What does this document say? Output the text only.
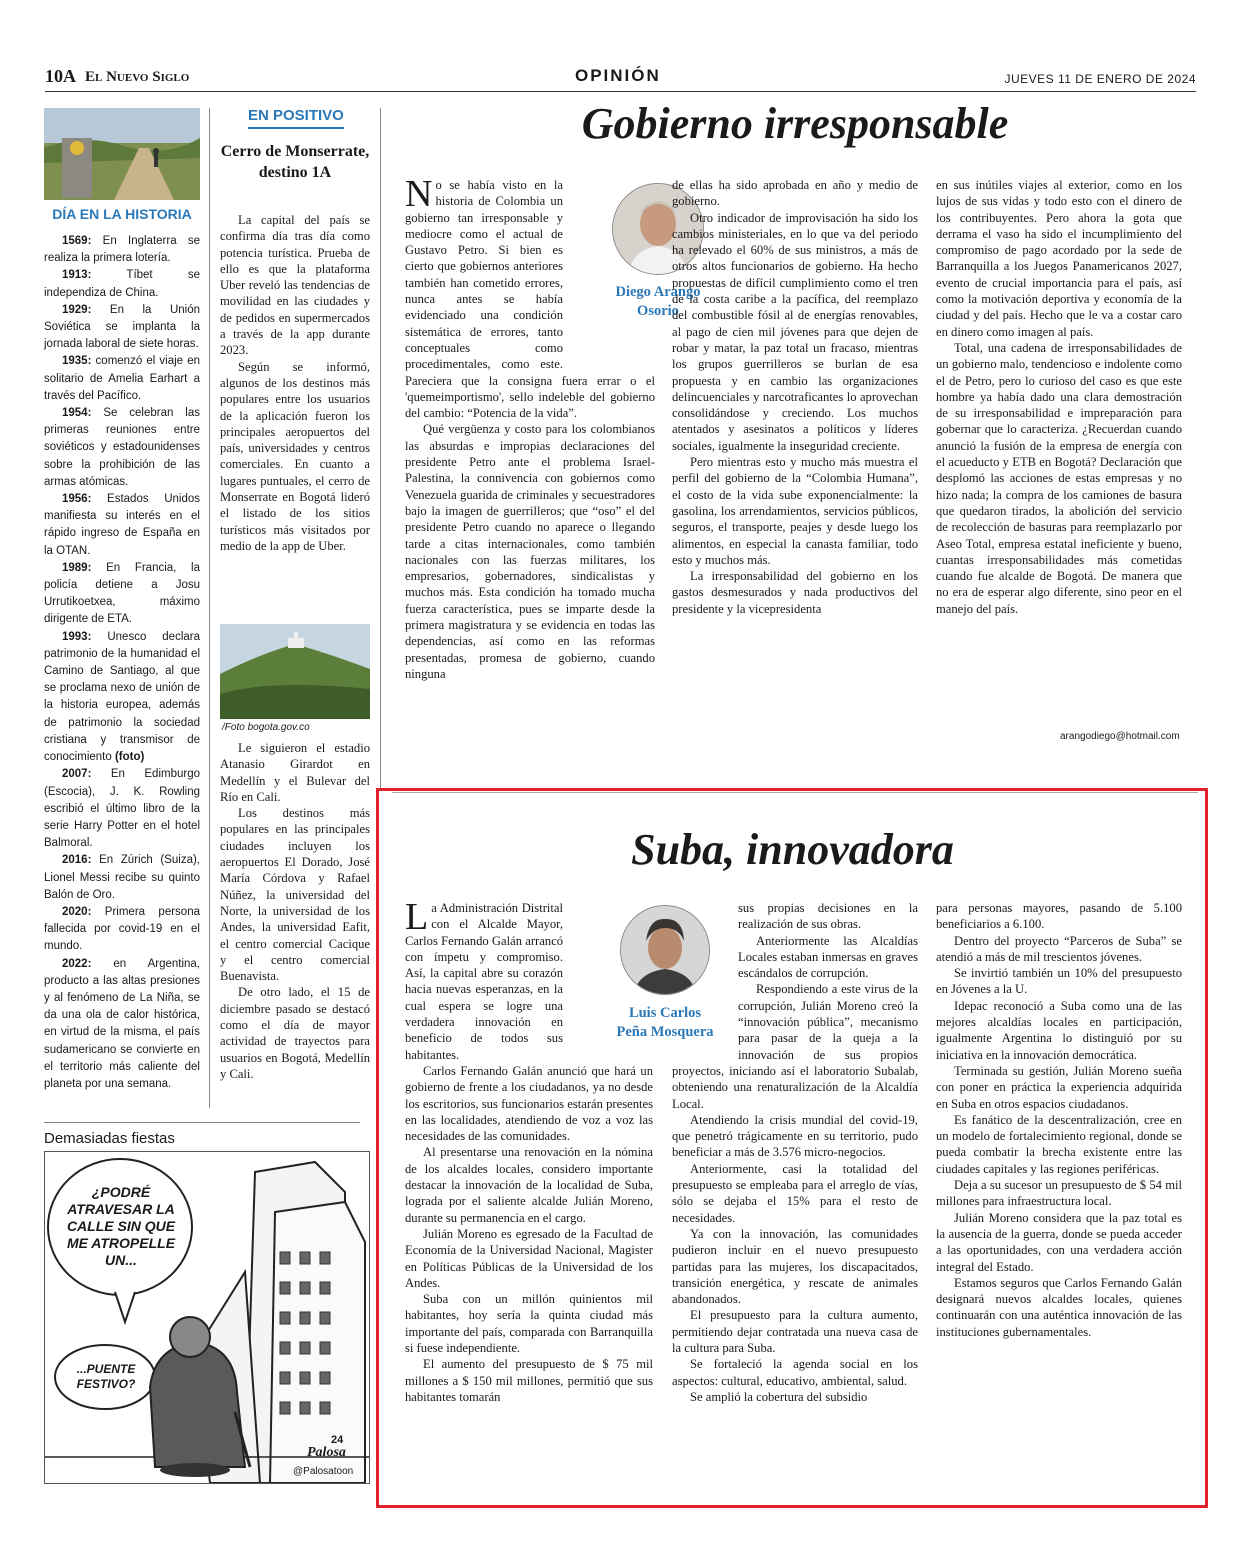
10A El Nuevo Siglo	OPINIÓN	JUEVES 11 DE ENERO DE 2024
DÍA EN LA HISTORIA

1569: En Inglaterra se realiza la primera lotería.

1913: Tíbet se independiza de China.

1929: En la Unión Soviética se implanta la jornada laboral de siete horas.

1935: comenzó el viaje en solitario de Amelia Earhart a través del Pacífico.

1954: Se celebran las primeras reuniones entre soviéticos y estadounidenses sobre la prohibición de las armas atómicas.

1956: Estados Unidos manifiesta su interés en el rápido ingreso de España en la OTAN.

1989: En Francia, la policía detiene a Josu Urrutikoetxea, máximo dirigente de ETA.

1993: Unesco declara patrimonio de la humanidad el Camino de Santiago, al que se proclama nexo de unión de la historia europea, además de patrimonio la sociedad cristiana y transmisor de conocimiento (foto)

2007: En Edimburgo (Escocia), J. K. Rowling escribió el último libro de la serie Harry Potter en el hotel Balmoral.

2016: En Zúrich (Suiza), Lionel Messi recibe su quinto Balón de Oro.

2020: Primera persona fallecida por covid-19 en el mundo.

2022: en Argentina, producto a las altas presiones y al fenómeno de La Niña, se da una ola de calor histórica, en virtud de la misma, el país sudamericano se convierte en el territorio más caliente del planeta por una semana.

EN POSITIVO
Cerro de Monserrate, destino 1A

La capital del país se confirma día tras día como potencia turística. Prueba de ello es que la plataforma Uber reveló las tendencias de movilidad en las ciudades y de pedidos en supermercados a través de la app durante 2023.

Según se informó, algunos de los destinos más populares entre los usuarios de la aplicación fueron los principales aeropuertos del país, universidades y centros comerciales. En cuanto a lugares puntuales, el cerro de Monserrate en Bogotá lideró el listado de los sitios turísticos más visitados por medio de la app de Uber.

/Foto bogota.gov.co

Le siguieron el estadio Atanasio Girardot en Medellín y el Bulevar del Río en Cali.

Los destinos más populares en las principales ciudades incluyen los aeropuertos El Dorado, José María Córdova y Rafael Núñez, la universidad del Norte, la universidad de los Andes, la universidad Eafit, el centro comercial Cacique y el centro comercial Buenavista.

De otro lado, el 15 de diciembre pasado se destacó como el día de mayor actividad de trayectos para usuarios en Bogotá, Medellín y Cali.

Demasiadas fiestas
¿PODRÉ ATRAVESAR LA CALLE SIN QUE ME ATROPELLE UN...
...PUENTE FESTIVO?
24
Palosa
@Palosatoon
Gobierno irresponsable
N o se había visto en la historia de Colombia un gobierno tan irresponsable y mediocre como el actual de Gustavo Petro. Si bien es cierto que gobiernos anteriores también han cometido errores, nunca antes se había evidenciado una condición sistemática de errores, tanto conceptuales como procedimentales, como este. Pareciera que la consigna fuera errar o el 'quemeimportismo', sello indeleble del gobierno del cambio: “Potencia de la vida”.

Qué vergüenza y costo para los colombianos las absurdas e impropias declaraciones del presidente Petro ante el problema Israel-Palestina, la connivencia con gobiernos como Venezuela guarida de criminales y secuestradores bajo la imagen de guerrilleros; que “oso” el del presidente Petro cuando no aparece o llegando tarde a citas internacionales, como también nacionales con las fuerzas militares, los empresarios, gobernadores, sindicalistas y muchos más. Esta condición ha tomado mucha fuerza característica, pues se imparte desde la primera magistratura y se evidencia en todas las dependencias, así como en las reformas presentadas, promesa de gobierno, cuando ninguna

Diego Arango Osorio

de ellas ha sido aprobada en año y medio de gobierno.

Otro indicador de improvisación ha sido los cambios ministeriales, en lo que va del periodo ha relevado el 60% de sus ministros, a más de otros altos funcionarios de gobierno. Ha hecho propuestas de difícil cumplimiento como el tren de la costa caribe a la pacífica, del reemplazo del combustible fósil al de energías renovables, al pago de cien mil jóvenes para que dejen de robar y matar, la paz total un fracaso, mientras los grupos guerrilleros se burlan de esa propuesta y en cambio las organizaciones delincuenciales y narcotraficantes lo aprovechan consolidándose y creciendo. Los muchos atentados y asesinatos a políticos y líderes sociales, igualmente la inseguridad creciente.

Pero mientras esto y mucho más muestra el perfil del gobierno de la “Colombia Humana”, el costo de la vida sube exponencialmente: la gasolina, los arrendamientos, servicios públicos, seguros, el transporte, peajes y desde luego los alimentos, en especial la canasta familiar, todo esto y muchos más.

La irresponsabilidad del gobierno en los gastos desmesurados y nada productivos del presidente y la vicepresidenta

en sus inútiles viajes al exterior, como en los lujos de sus vidas y todo esto con el dinero de los contribuyentes. Pero ahora la gota que derrama el vaso ha sido el incumplimiento del compromiso de pago acordado por la sede de Barranquilla a los Juegos Panamericanos 2027, evento de crucial importancia para el país, así como la motivación deportiva y economía de la ciudad y del país. Hecho que le va a costar caro en dinero como imagen al país.

Total, una cadena de irresponsabilidades de un gobierno malo, tendencioso e indolente como el de Petro, pero lo curioso del caso es que este hombre ya había dado una clara demostración de su irresponsabilidad e impreparación para gobernar que lo caracteriza. ¿Recuerdan cuando anunció la fusión de la empresa de energía con el acueducto y ETB en Bogotá? Declaración que desplomó las acciones de estas empresas y no hizo nada; la compra de los camiones de basura que quedaron tirados, la abolición del servicio de recolección de basuras para reemplazarlo por Aseo Total, empresa estatal ineficiente y bueno, cuantas irresponsabilidades más cometidas cuando fue alcalde de Bogotá. De manera que no era de esperar algo diferente, sino peor en el manejo del país.

arangodiego@hotmail.com
Suba, innovadora
L a Administración Distrital con el Alcalde Mayor, Carlos Fernando Galán arrancó con ímpetu y compromiso. Así, la capital abre su corazón hacia nuevas esperanzas, en la cual espera se logre una verdadera innovación en beneficio de todos sus habitantes.

Carlos Fernando Galán anunció que hará un gobierno de frente a los ciudadanos, ya no desde los escritorios, sus funcionarios estarán presentes en las localidades, atendiendo de voz a voz las necesidades de las comunidades.

Al presentarse una renovación en la nómina de los alcaldes locales, considero importante destacar la innovación de la localidad de Suba, lograda por el saliente alcalde Julián Moreno, durante su permanencia en el cargo.

Julián Moreno es egresado de la Facultad de Economía de la Universidad Nacional, Magister en Políticas Públicas de la Universidad de los Andes.

Suba con un millón quinientos mil habitantes, hoy sería la quinta ciudad más importante del país, comparada con Barranquilla si fuese independiente.

El aumento del presupuesto de $ 75 mil millones a $ 150 mil millones, permitió que sus habitantes tomarán

Luis Carlos Peña Mosquera

sus propias decisiones en la realización de sus obras.

Anteriormente las Alcaldías Locales estaban inmersas en graves escándalos de corrupción.

Respondiendo a este virus de la corrupción, Julián Moreno creó la “innovación pública”, mecanismo para pasar de la queja a la innovación de sus propios proyectos, iniciando así el laboratorio Subalab, obteniendo una renaturalización de la Alcaldía Local.

Atendiendo la crisis mundial del covid-19, que penetró trágicamente en su territorio, pudo beneficiar a más de 3.576 micro-negocios.

Anteriormente, casi la totalidad del presupuesto se empleaba para el arreglo de vías, sólo se dejaba el 15% para el resto de necesidades.

Ya con la innovación, las comunidades pudieron incluir en el nuevo presupuesto partidas para las mujeres, los discapacitados, transición energética, y rescate de animales abandonados.

El presupuesto para la cultura aumento, permitiendo dejar contratada una nueva casa de la cultura para Suba.

Se fortaleció la agenda social en los aspectos: cultural, educativo, ambiental, salud.

Se amplió la cobertura del subsidio

para personas mayores, pasando de 5.100 beneficiarios a 6.100.

Dentro del proyecto “Parceros de Suba” se atendió a más de mil trescientos jóvenes.

Se invirtió también un 10% del presupuesto en Jóvenes a la U.

Idepac reconoció a Suba como una de las mejores alcaldías locales en participación, igualmente Argentina lo distinguió por su iniciativa en la innovación democrática.

Terminada su gestión, Julián Moreno sueña con poner en práctica la experiencia adquirida en Suba en otros espacios ciudadanos.

Es fanático de la descentralización, cree en un modelo de fortalecimiento regional, donde se pueda combatir la brecha existente entre las ciudades capitales y las regiones periféricas.

Deja a su sucesor un presupuesto de $ 54 mil millones para infraestructura local.

Julián Moreno considera que la paz total es la ausencia de la guerra, donde se pueda acceder a las oportunidades, con una verdadera acción integral del Estado.

Estamos seguros que Carlos Fernando Galán designará nuevos alcaldes locales, quienes continuarán con una auténtica innovación de las instituciones gubernamentales.
